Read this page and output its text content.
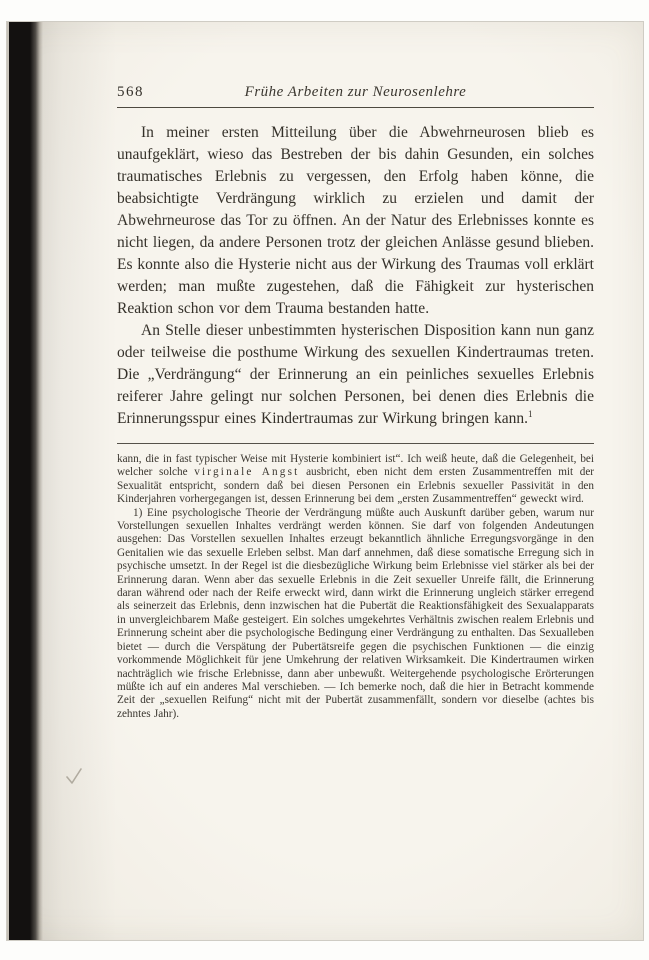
568	Frühe Arbeiten zur Neurosenlehre

In meiner ersten Mitteilung über die Abwehrneurosen blieb es unaufgeklärt, wieso das Bestreben der bis dahin Gesunden, ein solches traumatisches Erlebnis zu vergessen, den Erfolg haben könne, die beabsichtigte Verdrängung wirklich zu erzielen und damit der Abwehrneurose das Tor zu öffnen. An der Natur des Erlebnisses konnte es nicht liegen, da andere Personen trotz der gleichen Anlässe gesund blieben. Es konnte also die Hysterie nicht aus der Wirkung des Traumas voll erklärt werden; man mußte zugestehen, daß die Fähigkeit zur hysterischen Reaktion schon vor dem Trauma bestanden hatte.

An Stelle dieser unbestimmten hysterischen Disposition kann nun ganz oder teilweise die posthume Wirkung des sexuellen Kindertraumas treten. Die „Verdrängung“ der Erinnerung an ein peinliches sexuelles Erlebnis reiferer Jahre gelingt nur solchen Personen, bei denen dies Erlebnis die Erinnerungsspur eines Kindertraumas zur Wirkung bringen kann.$^1$

kann, die in fast typischer Weise mit Hysterie kombiniert ist“. Ich weiß heute, daß die Gelegenheit, bei welcher solche virginale Angst ausbricht, eben nicht dem ersten Zusammentreffen mit der Sexualität entspricht, sondern daß bei diesen Personen ein Erlebnis sexueller Passivität in den Kinderjahren vorhergegangen ist, dessen Erinnerung bei dem „ersten Zusammentreffen“ geweckt wird.

1) Eine psychologische Theorie der Verdrängung müßte auch Auskunft darüber geben, warum nur Vorstellungen sexuellen Inhaltes verdrängt werden können. Sie darf von folgenden Andeutungen ausgehen: Das Vorstellen sexuellen Inhaltes erzeugt bekanntlich ähnliche Erregungsvorgänge in den Genitalien wie das sexuelle Erleben selbst. Man darf annehmen, daß diese somatische Erregung sich in psychische umsetzt. In der Regel ist die diesbezügliche Wirkung beim Erlebnisse viel stärker als bei der Erinnerung daran. Wenn aber das sexuelle Erlebnis in die Zeit sexueller Unreife fällt, die Erinnerung daran während oder nach der Reife erweckt wird, dann wirkt die Erinnerung ungleich stärker erregend als seinerzeit das Erlebnis, denn inzwischen hat die Pubertät die Reaktionsfähigkeit des Sexualapparats in unvergleichbarem Maße gesteigert. Ein solches umgekehrtes Verhältnis zwischen realem Erlebnis und Erinnerung scheint aber die psychologische Bedingung einer Verdrängung zu enthalten. Das Sexualleben bietet — durch die Verspätung der Pubertätsreife gegen die psychischen Funktionen — die einzig vorkommende Möglichkeit für jene Umkehrung der relativen Wirksamkeit. Die Kindertraumen wirken nachträglich wie frische Erlebnisse, dann aber unbewußt. Weitergehende psychologische Erörterungen müßte ich auf ein anderes Mal verschieben. — Ich bemerke noch, daß die hier in Betracht kommende Zeit der „sexuellen Reifung“ nicht mit der Pubertät zusammenfällt, sondern vor dieselbe (achtes bis zehntes Jahr).
